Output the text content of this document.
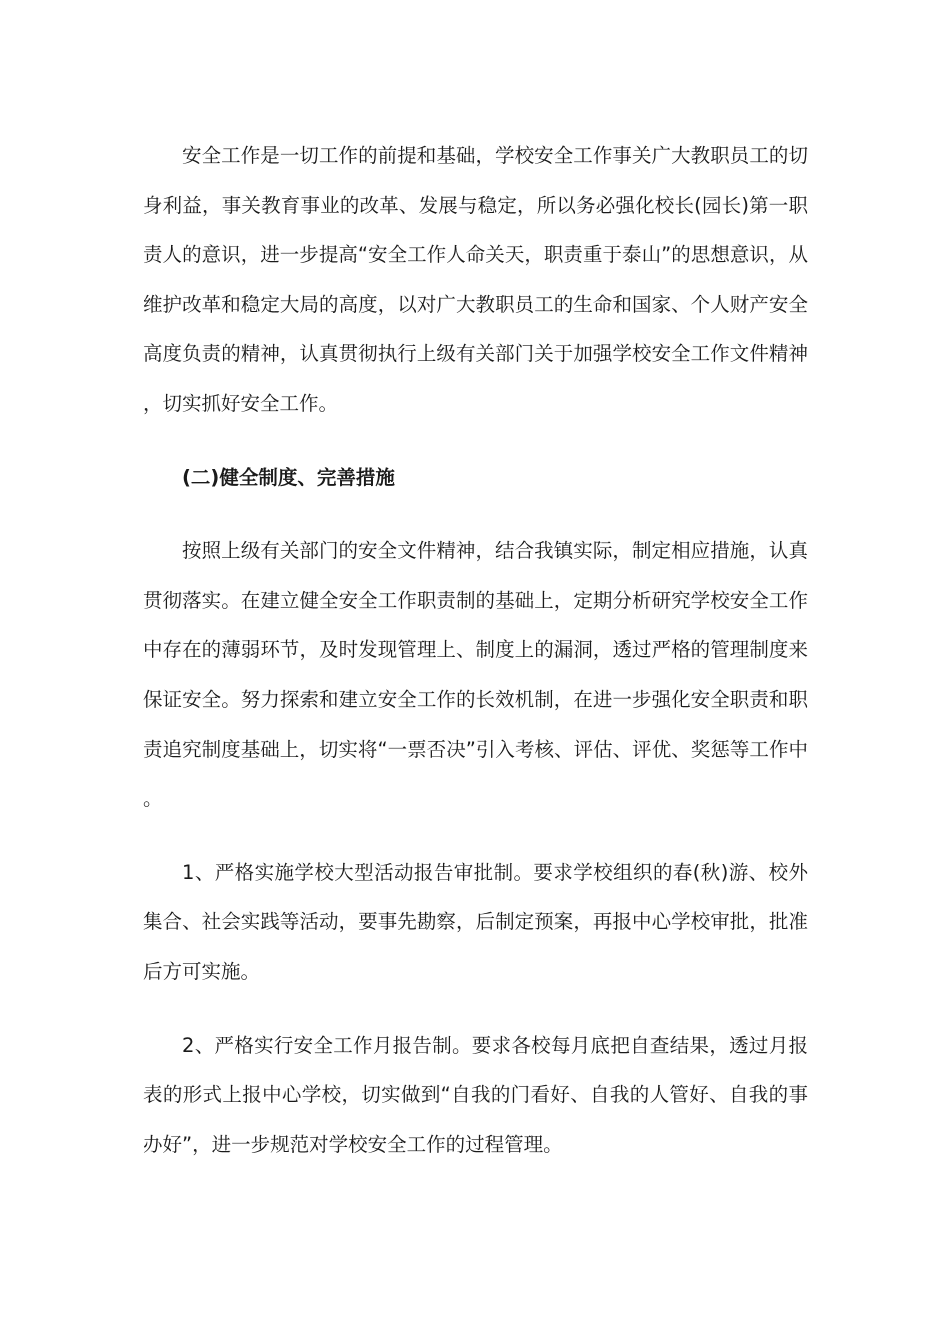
安全工作是一切工作的前提和基础，学校安全工作事关广大教职员工的切身利益，事关教育事业的改革、发展与稳定，所以务必强化校长(园长)第一职责人的意识，进一步提高“安全工作人命关天，职责重于泰山”的思想意识，从维护改革和稳定大局的高度，以对广大教职员工的生命和国家、个人财产安全高度负责的精神，认真贯彻执行上级有关部门关于加强学校安全工作文件精神，切实抓好安全工作。

(二)健全制度、完善措施

按照上级有关部门的安全文件精神，结合我镇实际，制定相应措施，认真贯彻落实。在建立健全安全工作职责制的基础上，定期分析研究学校安全工作中存在的薄弱环节，及时发现管理上、制度上的漏洞，透过严格的管理制度来保证安全。努力探索和建立安全工作的长效机制，在进一步强化安全职责和职责追究制度基础上，切实将“一票否决”引入考核、评估、评优、奖惩等工作中。

1、严格实施学校大型活动报告审批制。要求学校组织的春(秋)游、校外集合、社会实践等活动，要事先勘察，后制定预案，再报中心学校审批，批准后方可实施。

2、严格实行安全工作月报告制。要求各校每月底把自查结果，透过月报表的形式上报中心学校，切实做到“自我的门看好、自我的人管好、自我的事办好”，进一步规范对学校安全工作的过程管理。
